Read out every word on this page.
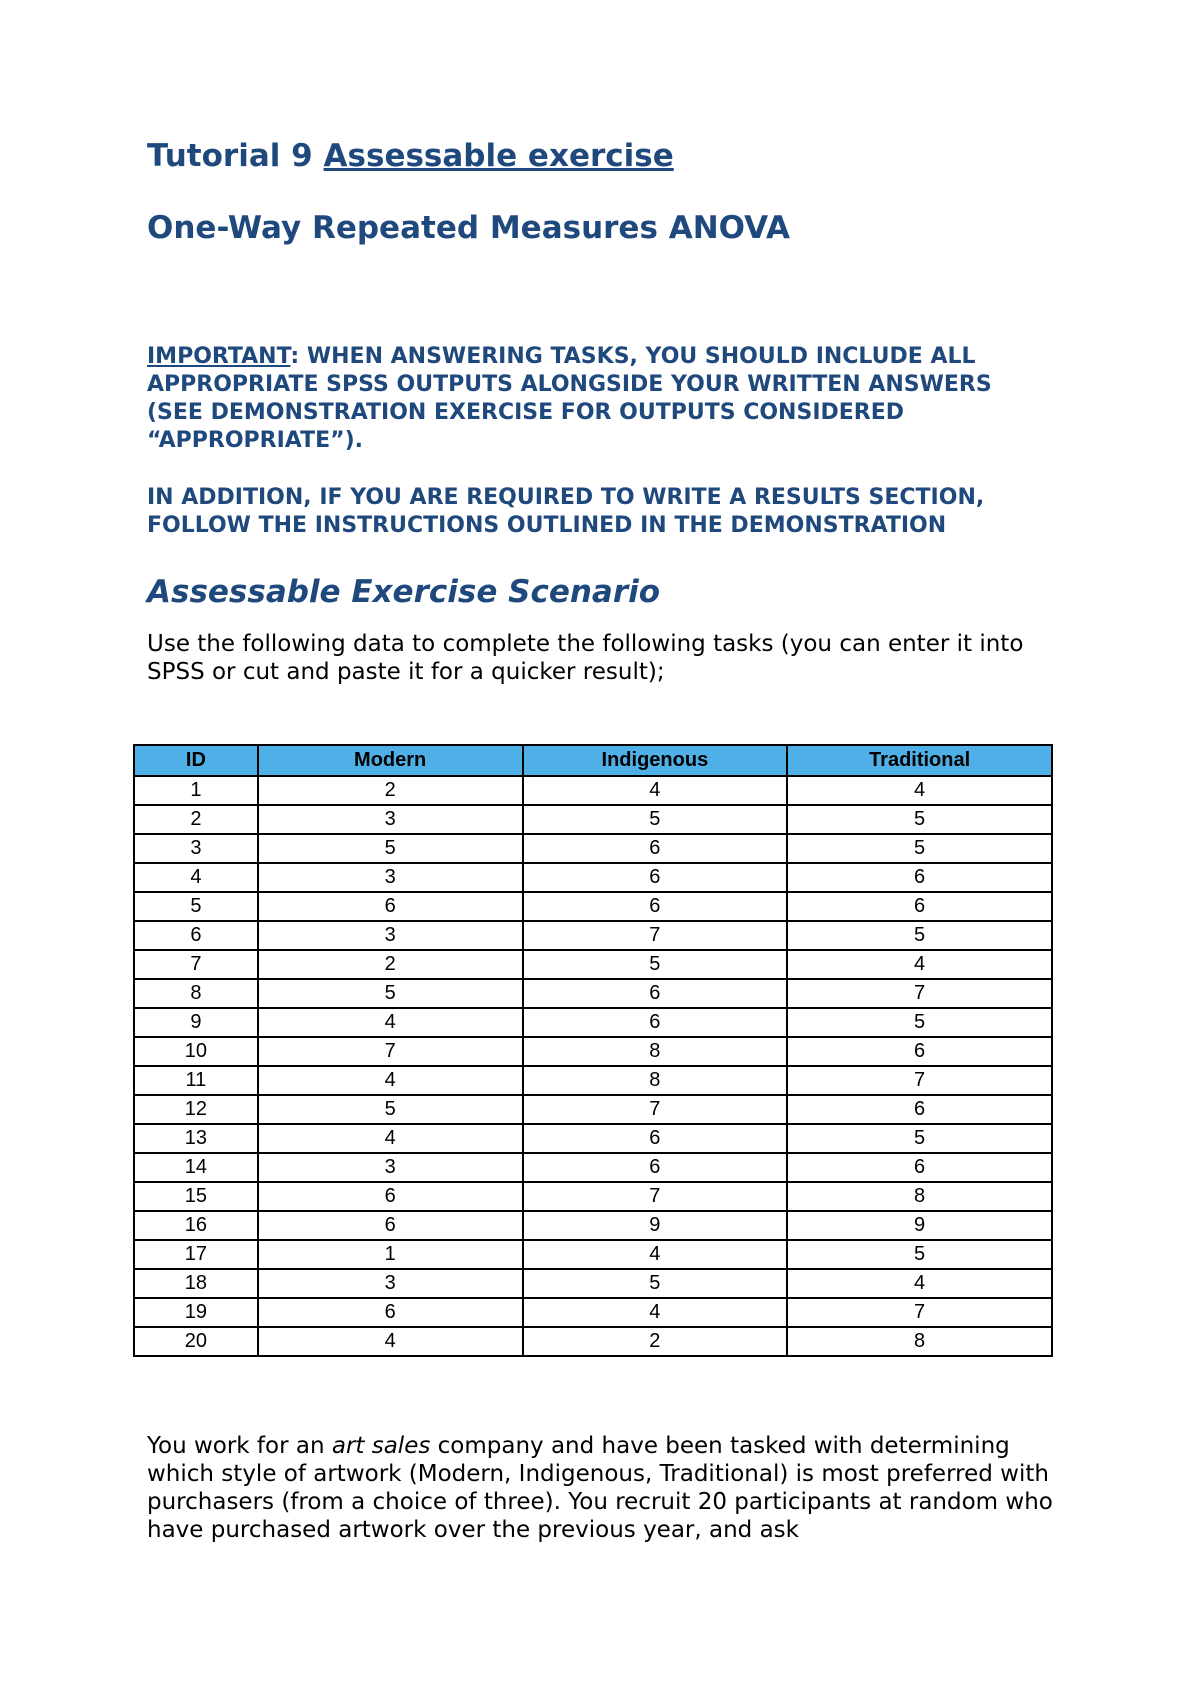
Tutorial 9 Assessable exercise
One-Way Repeated Measures ANOVA
IMPORTANT: WHEN ANSWERING TASKS, YOU SHOULD INCLUDE ALL APPROPRIATE SPSS OUTPUTS ALONGSIDE YOUR WRITTEN ANSWERS (SEE DEMONSTRATION EXERCISE FOR OUTPUTS CONSIDERED “APPROPRIATE”).
IN ADDITION, IF YOU ARE REQUIRED TO WRITE A RESULTS SECTION, FOLLOW THE INSTRUCTIONS OUTLINED IN THE DEMONSTRATION
Assessable Exercise Scenario
Use the following data to complete the following tasks (you can enter it into SPSS or cut and paste it for a quicker result);
ID	Modern	Indigenous	Traditional
1	2	4	4
2	3	5	5
3	5	6	5
4	3	6	6
5	6	6	6
6	3	7	5
7	2	5	4
8	5	6	7
9	4	6	5
10	7	8	6
11	4	8	7
12	5	7	6
13	4	6	5
14	3	6	6
15	6	7	8
16	6	9	9
17	1	4	5
18	3	5	4
19	6	4	7
20	4	2	8
You work for an art sales company and have been tasked with determining which style of artwork (Modern, Indigenous, Traditional) is most preferred with purchasers (from a choice of three). You recruit 20 participants at random who have purchased artwork over the previous year, and ask
